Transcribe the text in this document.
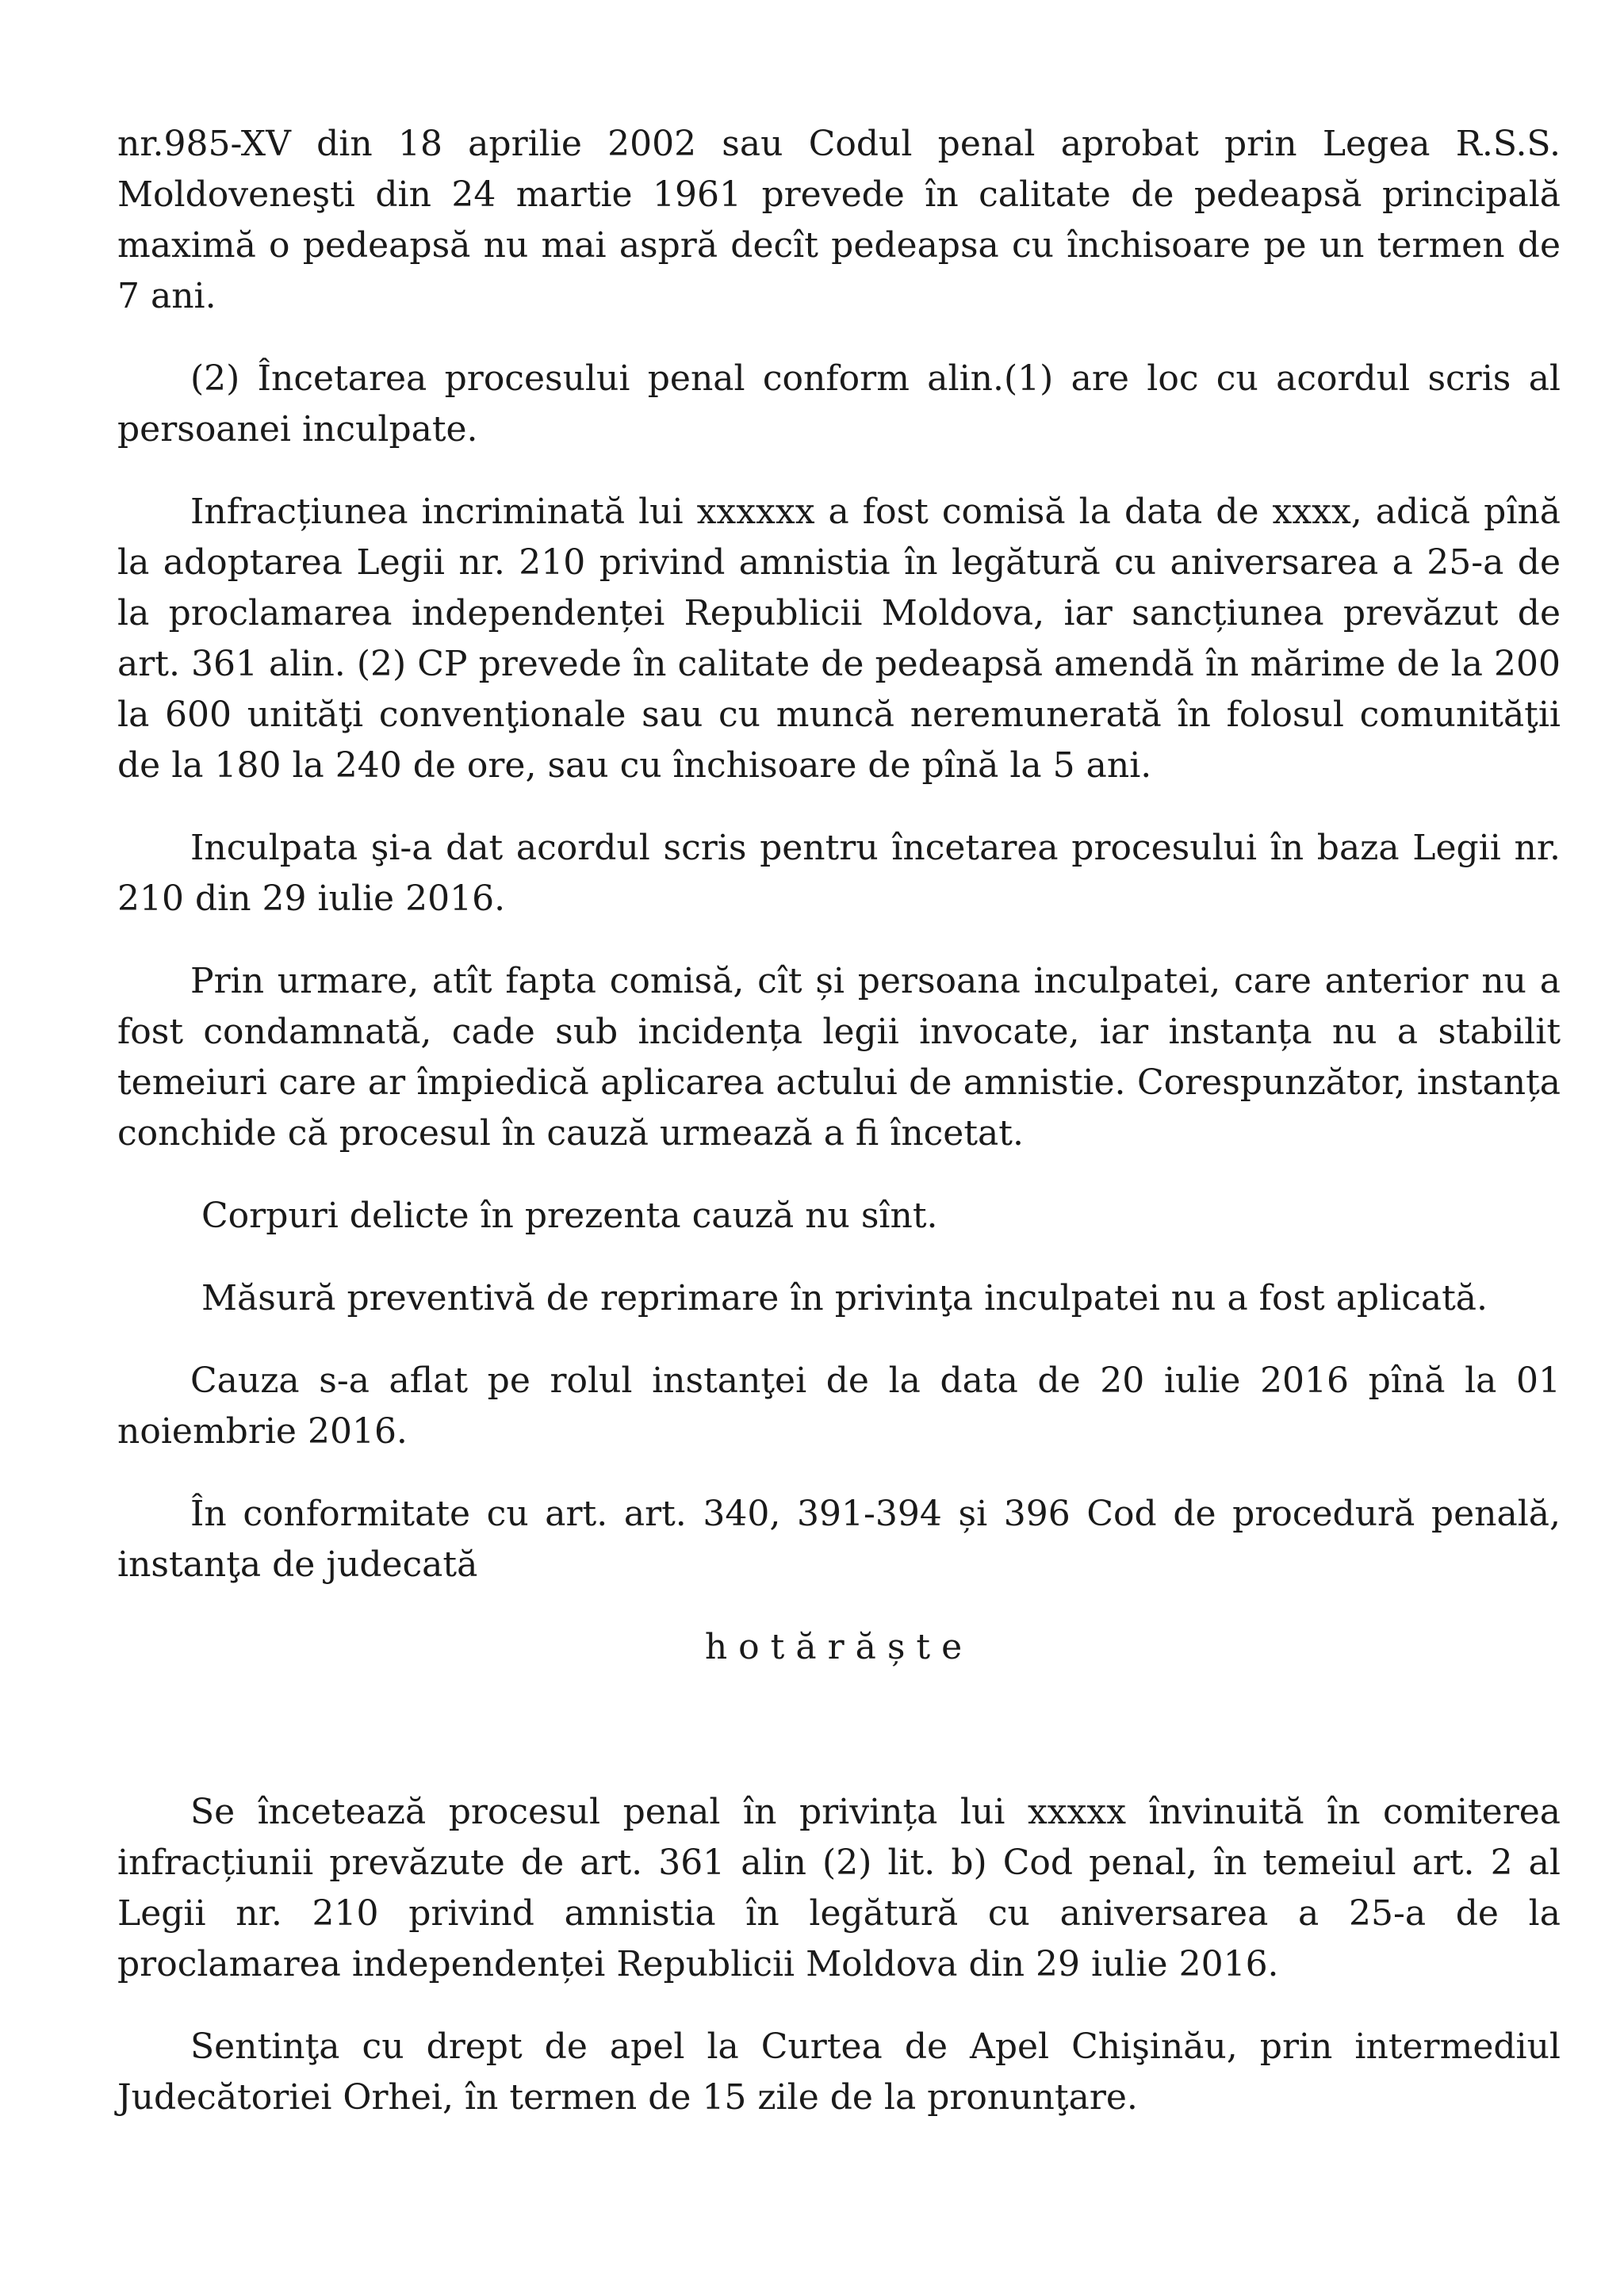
nr.985-XV din 18 aprilie 2002 sau Codul penal aprobat prin Legea R.S.S. Moldoveneşti din 24 martie 1961 prevede în calitate de pedeapsă principală maximă o pedeapsă nu mai aspră decît pedeapsa cu închisoare pe un termen de 7 ani.

(2) Încetarea procesului penal conform alin.(1) are loc cu acordul scris al persoanei inculpate.

Infracțiunea incriminată lui xxxxxx a fost comisă la data de xxxx, adică pînă la adoptarea Legii nr. 210 privind amnistia în legătură cu aniversarea a 25-a de la proclamarea independenței Republicii Moldova, iar sancțiunea prevăzut de art. 361 alin. (2) CP prevede în calitate de pedeapsă amendă în mărime de la 200 la 600 unităţi convenţionale sau cu muncă neremunerată în folosul comunităţii de la 180 la 240 de ore, sau cu închisoare de pînă la 5 ani.

Inculpata şi-a dat acordul scris pentru încetarea procesului în baza Legii nr. 210 din 29 iulie 2016.

Prin urmare, atît fapta comisă, cît și persoana inculpatei, care anterior nu a fost condamnată, cade sub incidența legii invocate, iar instanța nu a stabilit temeiuri care ar împiedică aplicarea actului de amnistie. Corespunzător, instanța conchide că procesul în cauză urmează a fi încetat.

Corpuri delicte în prezenta cauză nu sînt.

Măsură preventivă de reprimare în privinţa inculpatei nu a fost aplicată.

Cauza s-a aflat pe rolul instanţei de la data de 20 iulie 2016 pînă la 01 noiembrie 2016.

În conformitate cu art. art. 340, 391-394 și 396 Cod de procedură penală, instanţa de judecată

hotărăște

Se încetează procesul penal în privința lui xxxxx învinuită în comiterea infracțiunii prevăzute de art. 361 alin (2) lit. b) Cod penal, în temeiul art. 2 al Legii nr. 210 privind amnistia în legătură cu aniversarea a 25-a de la proclamarea independenței Republicii Moldova din 29 iulie 2016.

Sentinţa cu drept de apel la Curtea de Apel Chişinău, prin intermediul Judecătoriei Orhei, în termen de 15 zile de la pronunţare.
